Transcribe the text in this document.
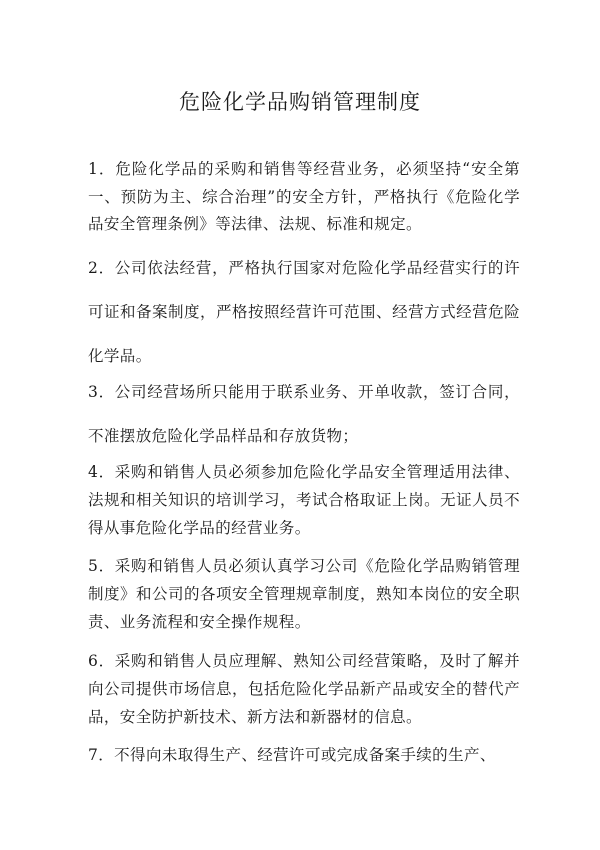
危险化学品购销管理制度

1．危险化学品的采购和销售等经营业务，必须坚持“安全第一、预防为主、综合治理”的安全方针，严格执行《危险化学品安全管理条例》等法律、法规、标准和规定。

2．公司依法经营，严格执行国家对危险化学品经营实行的许可证和备案制度，严格按照经营许可范围、经营方式经营危险化学品。

3．公司经营场所只能用于联系业务、开单收款，签订合同，不准摆放危险化学品样品和存放货物；

4．采购和销售人员必须参加危险化学品安全管理适用法律、法规和相关知识的培训学习，考试合格取证上岗。无证人员不得从事危险化学品的经营业务。

5．采购和销售人员必须认真学习公司《危险化学品购销管理制度》和公司的各项安全管理规章制度，熟知本岗位的安全职责、业务流程和安全操作规程。

6．采购和销售人员应理解、熟知公司经营策略，及时了解并向公司提供市场信息，包括危险化学品新产品或安全的替代产品，安全防护新技术、新方法和新器材的信息。

7．不得向未取得生产、经营许可或完成备案手续的生产、
